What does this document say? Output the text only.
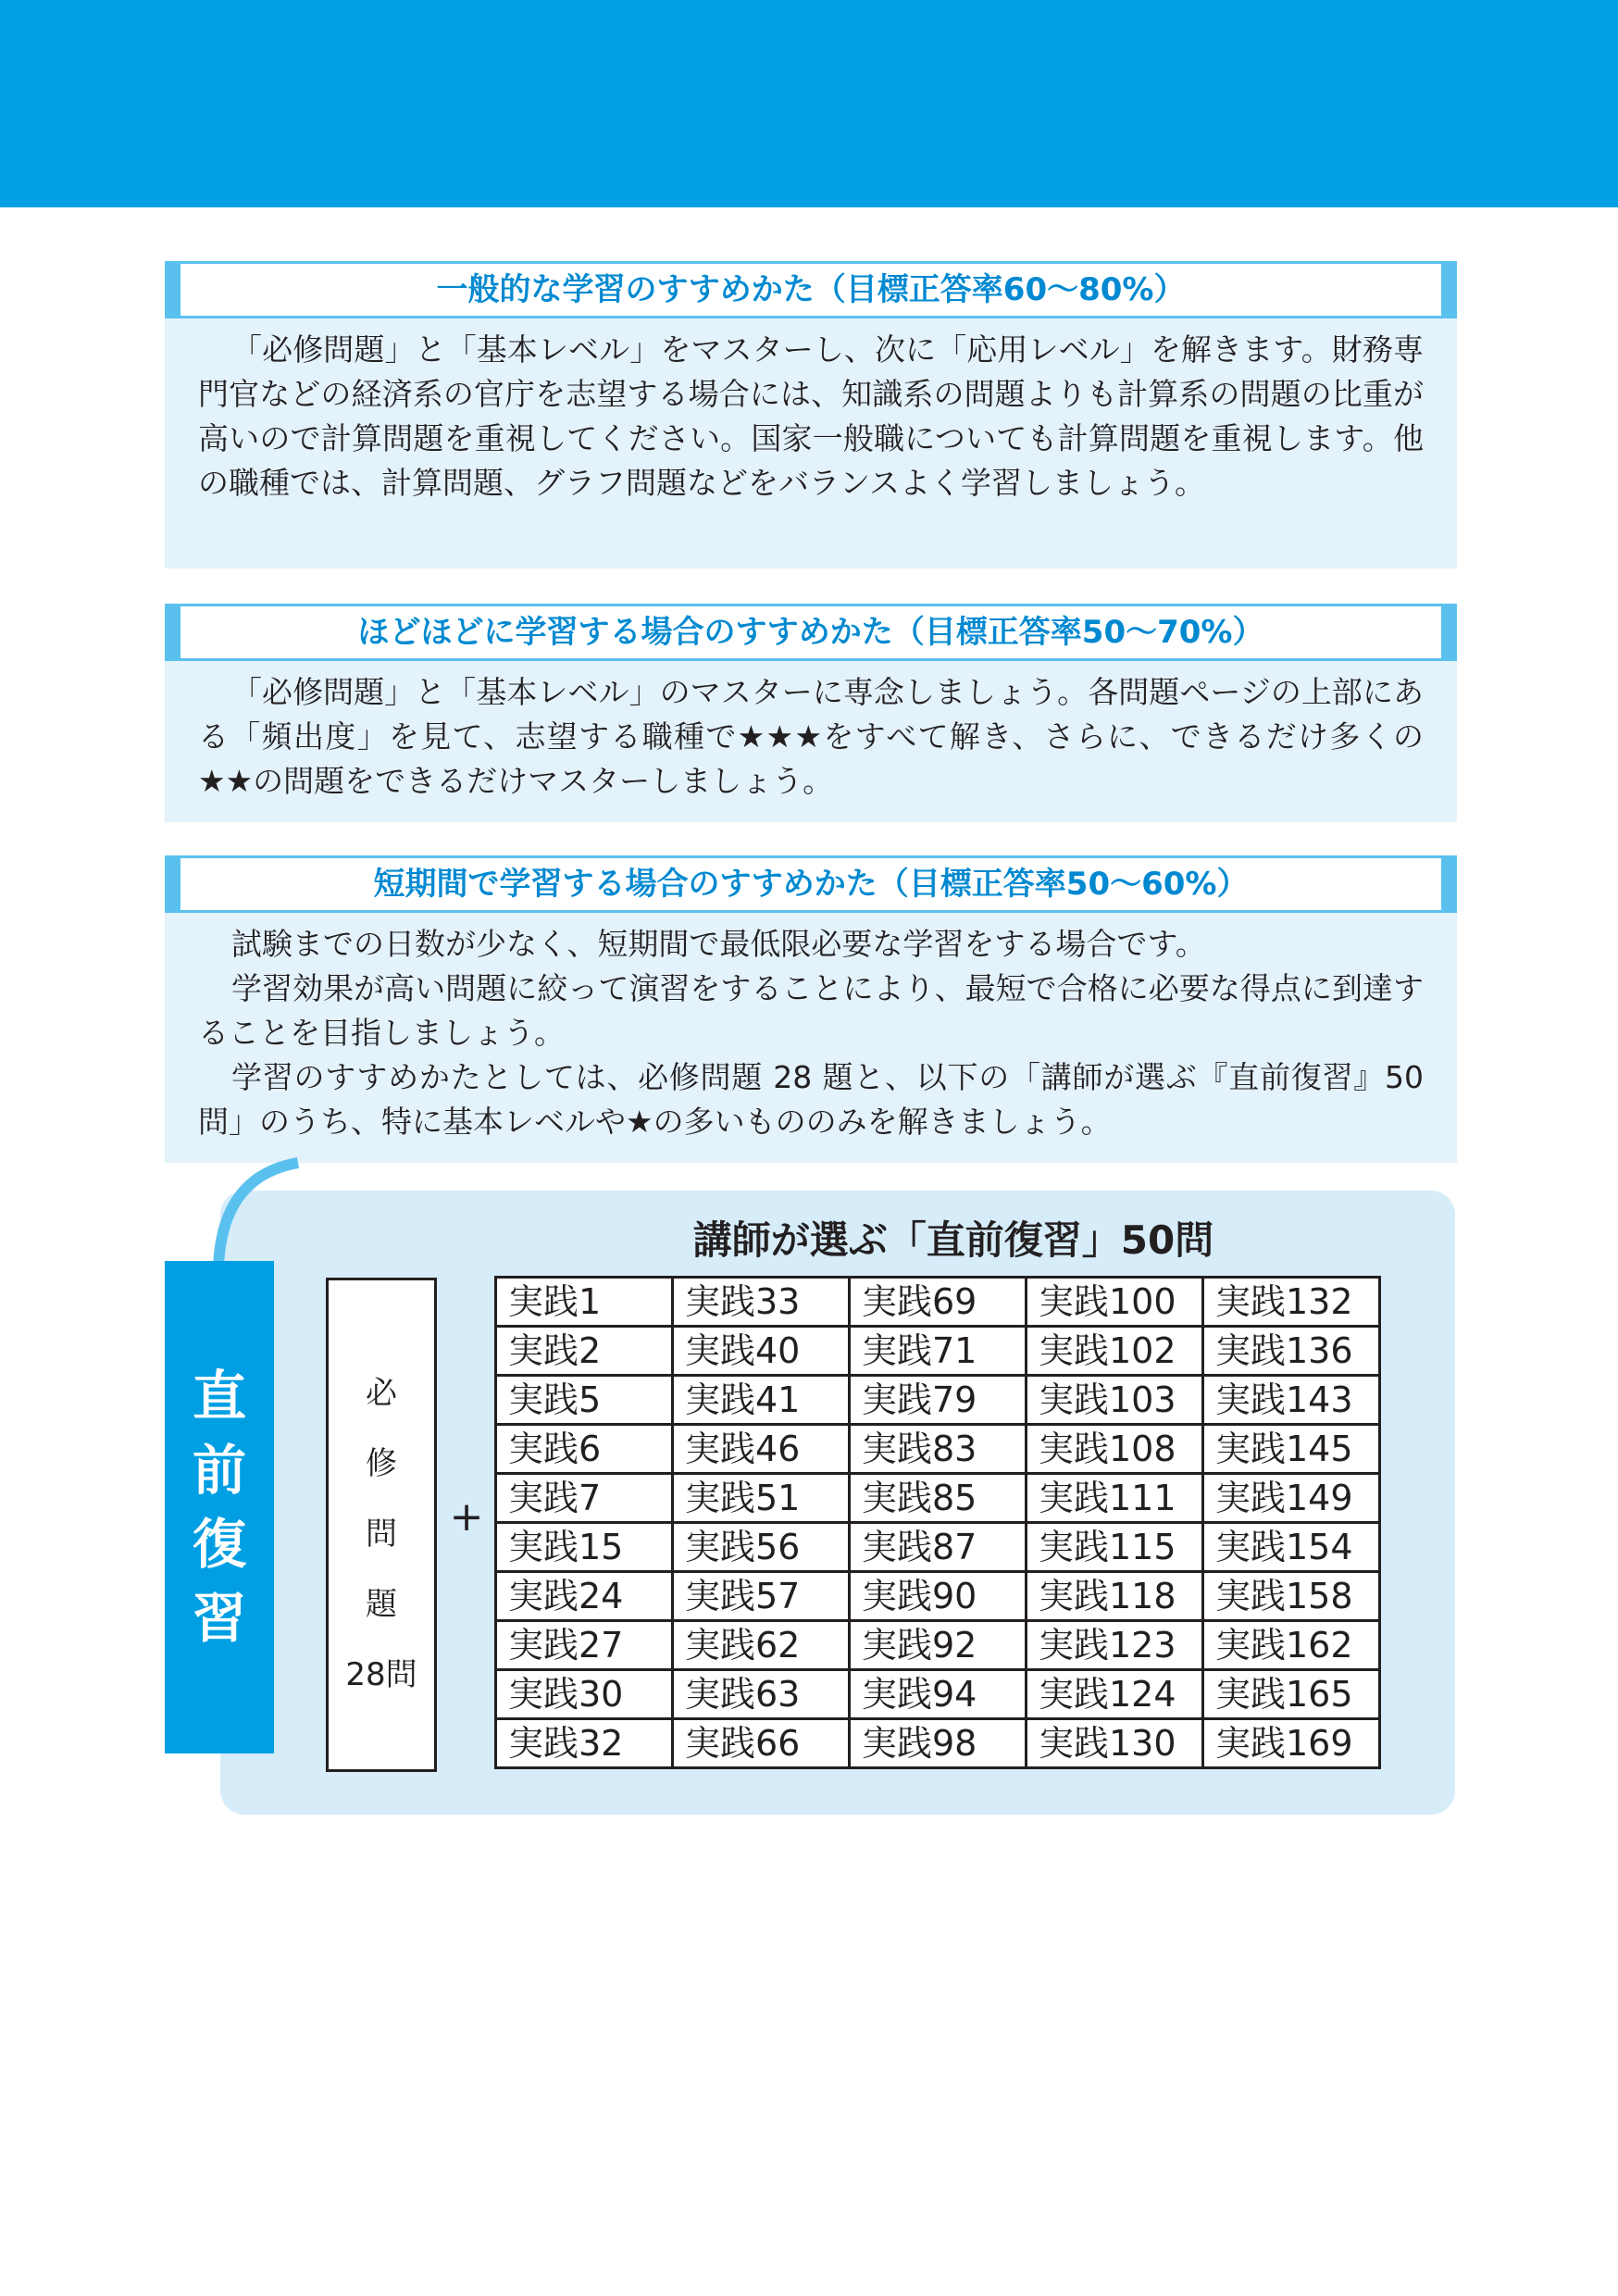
一般的な学習のすすめかた（目標正答率60～80%）

「必修問題」と「基本レベル」をマスターし、次に「応用レベル」を解きます。財務専門官などの経済系の官庁を志望する場合には、知識系の問題よりも計算系の問題の比重が高いので計算問題を重視してください。国家一般職についても計算問題を重視します。他の職種では、計算問題、グラフ問題などをバランスよく学習しましょう。

ほどほどに学習する場合のすすめかた（目標正答率50～70%）

「必修問題」と「基本レベル」のマスターに専念しましょう。各問題ページの上部にある「頻出度」を見て、志望する職種で★★★をすべて解き、さらに、できるだけ多くの★★の問題をできるだけマスターしましょう。

短期間で学習する場合のすすめかた（目標正答率50～60%）

試験までの日数が少なく、短期間で最低限必要な学習をする場合です。

学習効果が高い問題に絞って演習をすることにより、最短で合格に必要な得点に到達することを目指しましょう。

学習のすすめかたとしては、必修問題 28 題と、以下の「講師が選ぶ『直前復習』50 問」のうち、特に基本レベルや★の多いもののみを解きましょう。

直
前
復
習
講師が選ぶ「直前復習」50問
必
修
問
題
28問
+
実践1	実践33	実践69	実践100	実践132
実践2	実践40	実践71	実践102	実践136
実践5	実践41	実践79	実践103	実践143
実践6	実践46	実践83	実践108	実践145
実践7	実践51	実践85	実践111	実践149
実践15	実践56	実践87	実践115	実践154
実践24	実践57	実践90	実践118	実践158
実践27	実践62	実践92	実践123	実践162
実践30	実践63	実践94	実践124	実践165
実践32	実践66	実践98	実践130	実践169
